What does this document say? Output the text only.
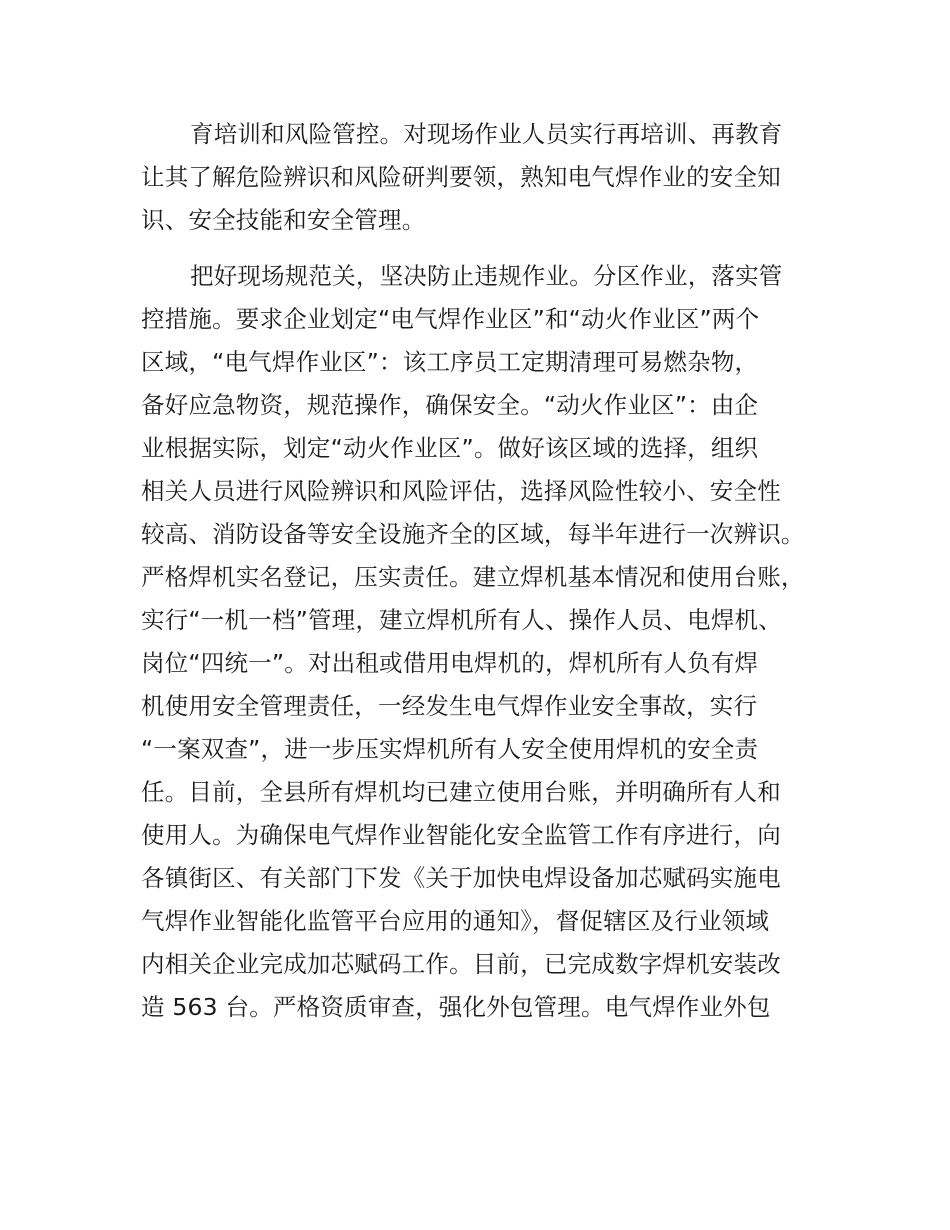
育培训和风险管控。对现场作业人员实行再培训、再教育
让其了解危险辨识和风险研判要领，熟知电气焊作业的安全知
识、安全技能和安全管理。
把好现场规范关，坚决防止违规作业。分区作业，落实管
控措施。要求企业划定“电气焊作业区”和“动火作业区”两个
区域，“电气焊作业区”：该工序员工定期清理可易燃杂物，
备好应急物资，规范操作，确保安全。“动火作业区”：由企
业根据实际，划定“动火作业区”。做好该区域的选择，组织
相关人员进行风险辨识和风险评估，选择风险性较小、安全性
较高、消防设备等安全设施齐全的区域，每半年进行一次辨识。
严格焊机实名登记，压实责任。建立焊机基本情况和使用台账，
实行“一机一档”管理，建立焊机所有人、操作人员、电焊机、
岗位“四统一”。对出租或借用电焊机的，焊机所有人负有焊
机使用安全管理责任，一经发生电气焊作业安全事故，实行
“一案双查”，进一步压实焊机所有人安全使用焊机的安全责
任。目前，全县所有焊机均已建立使用台账，并明确所有人和
使用人。为确保电气焊作业智能化安全监管工作有序进行，向
各镇街区、有关部门下发《关于加快电焊设备加芯赋码实施电
气焊作业智能化监管平台应用的通知》，督促辖区及行业领域
内相关企业完成加芯赋码工作。目前，已完成数字焊机安装改
造 563 台。严格资质审查，强化外包管理。电气焊作业外包
